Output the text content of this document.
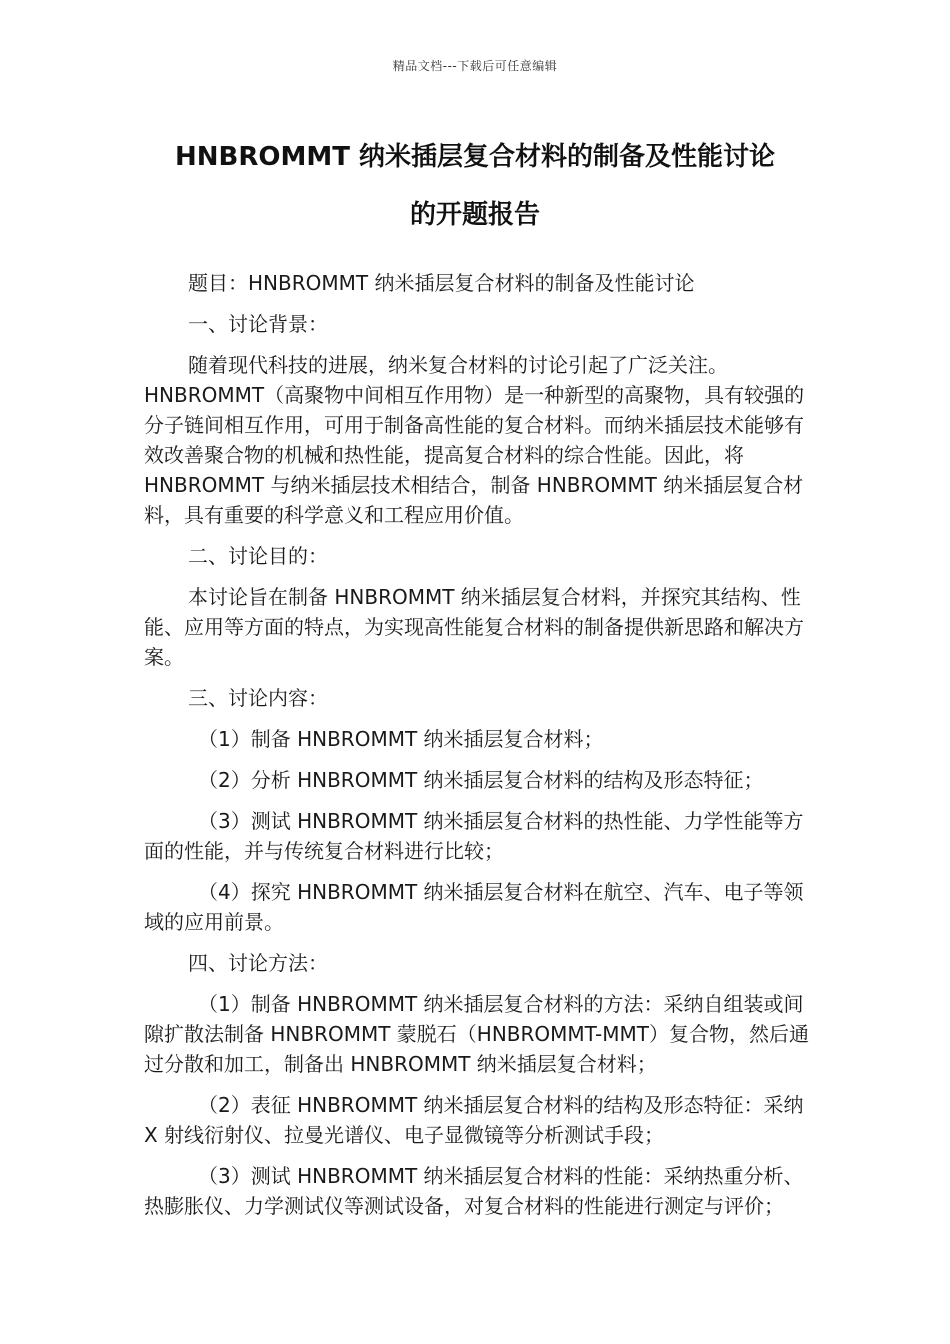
精品文档---下载后可任意编辑
HNBROMMT 纳米插层复合材料的制备及性能讨论
的开题报告

题目：HNBROMMT 纳米插层复合材料的制备及性能讨论

一、讨论背景：

随着现代科技的进展，纳米复合材料的讨论引起了广泛关注。HNBROMMT（高聚物中间相互作用物）是一种新型的高聚物，具有较强的分子链间相互作用，可用于制备高性能的复合材料。而纳米插层技术能够有效改善聚合物的机械和热性能，提高复合材料的综合性能。因此，将 HNBROMMT 与纳米插层技术相结合，制备 HNBROMMT 纳米插层复合材料，具有重要的科学意义和工程应用价值。

二、讨论目的：

本讨论旨在制备 HNBROMMT 纳米插层复合材料，并探究其结构、性能、应用等方面的特点，为实现高性能复合材料的制备提供新思路和解决方案。

三、讨论内容：

（1）制备 HNBROMMT 纳米插层复合材料；

（2）分析 HNBROMMT 纳米插层复合材料的结构及形态特征；

（3）测试 HNBROMMT 纳米插层复合材料的热性能、力学性能等方面的性能，并与传统复合材料进行比较；

（4）探究 HNBROMMT 纳米插层复合材料在航空、汽车、电子等领域的应用前景。

四、讨论方法：

（1）制备 HNBROMMT 纳米插层复合材料的方法：采纳自组装或间隙扩散法制备 HNBROMMT 蒙脱石（HNBROMMT-MMT）复合物，然后通过分散和加工，制备出 HNBROMMT 纳米插层复合材料；

（2）表征 HNBROMMT 纳米插层复合材料的结构及形态特征：采纳 X 射线衍射仪、拉曼光谱仪、电子显微镜等分析测试手段；

（3）测试 HNBROMMT 纳米插层复合材料的性能：采纳热重分析、热膨胀仪、力学测试仪等测试设备，对复合材料的性能进行测定与评价；
